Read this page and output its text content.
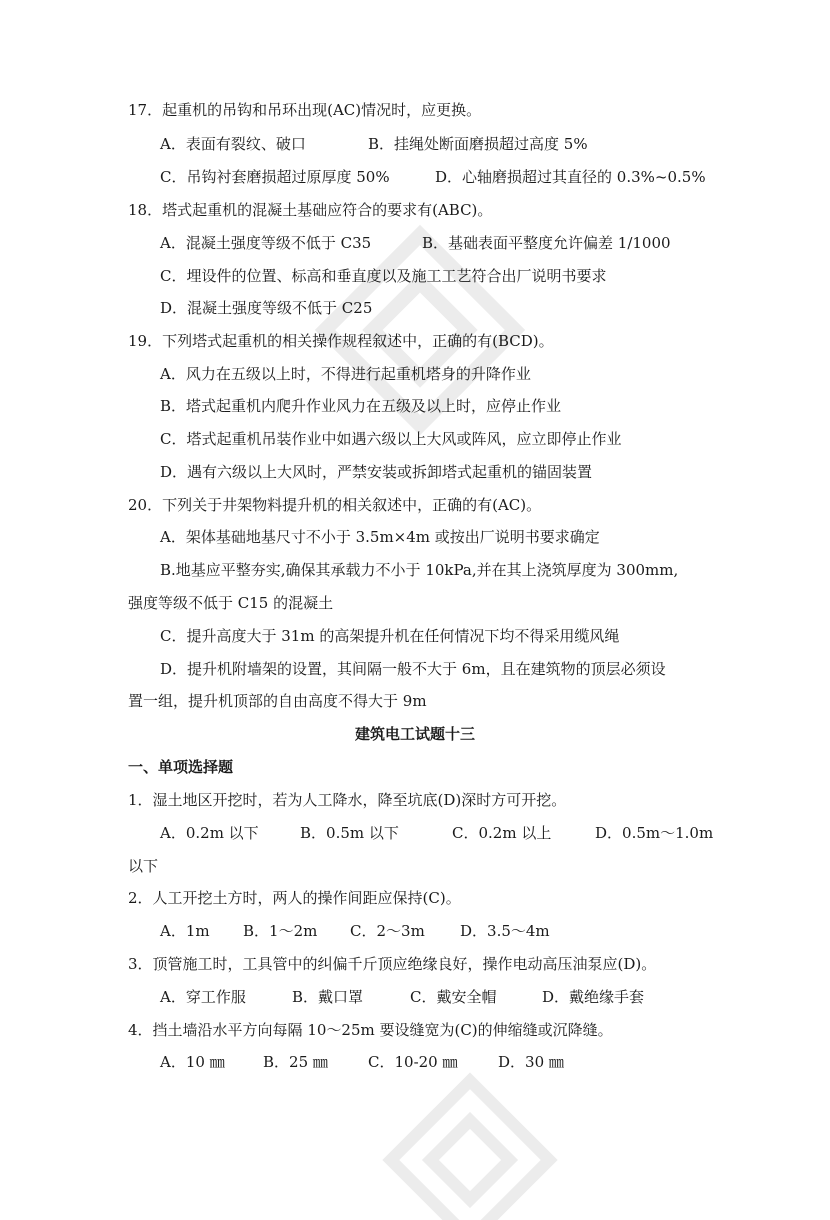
17．起重机的吊钩和吊环出现(AC)情况时，应更换。

A．表面有裂纹、破口	B．挂绳处断面磨损超过高度 5%
C．吊钩衬套磨损超过原厚度 50%	D．心轴磨损超过其直径的 0.3%~0.5%

18．塔式起重机的混凝土基础应符合的要求有(ABC)。

A．混凝土强度等级不低于 C35	B．基础表面平整度允许偏差 1/1000

C．埋设件的位置、标高和垂直度以及施工工艺符合出厂说明书要求

D．混凝土强度等级不低于 C25

19．下列塔式起重机的相关操作规程叙述中，正确的有(BCD)。

A．风力在五级以上时，不得进行起重机塔身的升降作业

B．塔式起重机内爬升作业风力在五级及以上时，应停止作业

C．塔式起重机吊装作业中如遇六级以上大风或阵风，应立即停止作业

D．遇有六级以上大风时，严禁安装或拆卸塔式起重机的锚固装置

20．下列关于井架物料提升机的相关叙述中，正确的有(AC)。

A．架体基础地基尺寸不小于 3.5m×4m 或按出厂说明书要求确定

B.地基应平整夯实,确保其承载力不小于 10kPa,并在其上浇筑厚度为 300mm,

强度等级不低于 C15 的混凝土

C．提升高度大于 31m 的高架提升机在任何情况下均不得采用缆风绳

D．提升机附墙架的设置，其间隔一般不大于 6m，且在建筑物的顶层必须设

置一组，提升机顶部的自由高度不得大于 9m

建筑电工试题十三

一、单项选择题

1．湿土地区开挖时，若为人工降水，降至坑底(D)深时方可开挖。

A．0.2m 以下	B．0.5m 以下	C．0.2m 以上	D．0.5m～1.0m

以下

2．人工开挖土方时，两人的操作间距应保持(C)。

A．1m B．1～2m C．2～3m D．3.5～4m

3．顶管施工时，工具管中的纠偏千斤顶应绝缘良好，操作电动高压油泵应(D)。

A．穿工作服	B．戴口罩	C．戴安全帽	D．戴绝缘手套

4．挡土墙沿水平方向每隔 10～25m 要设缝宽为(C)的伸缩缝或沉降缝。

A．10 ㎜	B．25 ㎜	C．10-20 ㎜	D．30 ㎜
